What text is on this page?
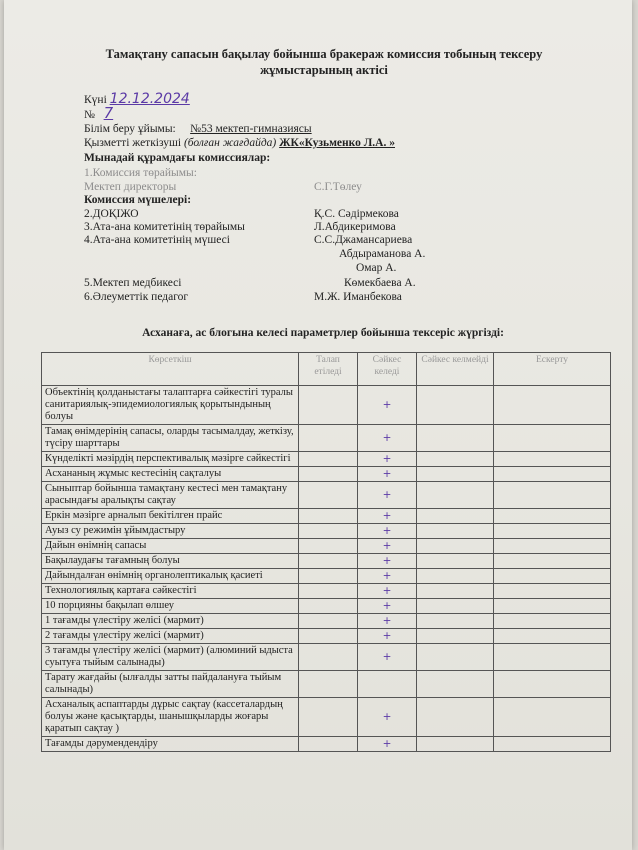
Тамақтану сапасын бақылау бойынша бракераж комиссия тобының тексеру жұмыстарының актісі
Күні 12.12.2024
№ 7
Білім беру ұйымы: №53 мектеп-гимназиясы
Қызметті жеткізуші (болған жағдайда) ЖК«Кузьменко Л.А. »
Мынадай құрамдағы комиссиялар:
1.Комиссия төрайымы:
Мектеп директоры	С.Г.Төлеу
Комиссия мүшелері:
2.ДОҚІЖО	Қ.С. Сәдірмекова
3.Ата-ана комитетінің төрайымы	Л.Абдикеримова
4.Ата-ана комитетінің мүшесі	С.С.Джамансариева
Абдыраманова А.
Омар А.
5.Мектеп медбикесі	Көмекбаева А.
6.Әлеуметтік педагог	М.Ж. Иманбекова
Асханаға, ас блогына келесі параметрлер бойынша тексеріс жүргізді:
Көрсеткіш	Талап етіледі	Сәйкес келеді	Сәйкес келмейді	Ескерту
Объектінің қолданыстағы талаптарға сәйкестігі туралы санитариялық-эпидемиологиялық қорытындының болуы		+		
Тамақ өнімдерінің сапасы, оларды тасымалдау, жеткізу, түсіру шарттары		+		
Күнделікті мәзірдің перспективалық мәзірге сәйкестігі		+		
Асхананың жұмыс кестесінің сақталуы		+		
Сыныптар бойынша тамақтану кестесі мен тамақтану арасындағы аралықты сақтау		+		
Еркін мәзірге арналып бекітілген прайс		+		
Ауыз су режимін ұйымдастыру		+		
Дайын өнімнің сапасы		+		
Бақылаудағы тағамның болуы		+		
Дайындалған өнімнің органолептикалық қасиеті		+		
Технологиялық картаға сәйкестігі		+		
10 порцияны бақылап өлшеу		+		
1 тағамды үлестіру желісі (мармит)		+		
2 тағамды үлестіру желісі (мармит)		+		
3 тағамды үлестіру желісі (мармит) (алюминий ыдыста суытуға тыйым салынады)		+		
Тарату жағдайы (ылғалды затты пайдалануға тыйым салынады)				
Асханалық аспаптарды дұрыс сақтау (кассеталардың болуы және қасықтарды, шанышқыларды жоғары қаратып сақтау )		+		
Тағамды дәрумендендіру		+		
